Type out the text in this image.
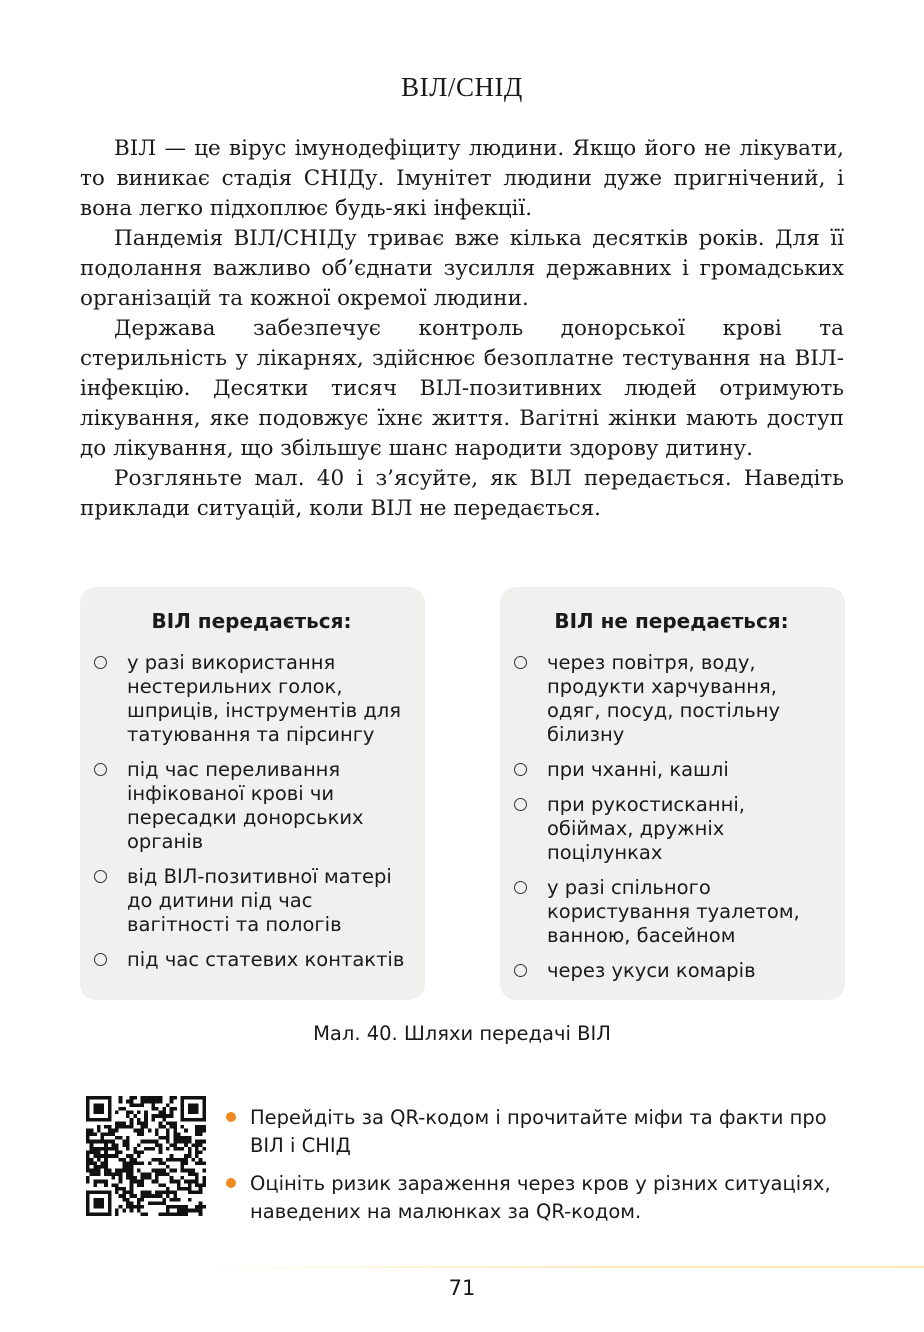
ВІЛ/СНІД

ВІЛ — це вірус імунодефіциту людини. Якщо його не лікувати, то виникає стадія СНІДу. Імунітет людини дуже пригнічений, і вона легко підхоплює будь-які інфекції.

Пандемія ВІЛ/СНІДу триває вже кілька десятків років. Для її подолання важливо об’єднати зусилля державних і громадських організацій та кожної окремої людини.

Держава забезпечує контроль донорської крові та стерильність у лікарнях, здійснює безоплатне тестування на ВІЛ-інфекцію. Десятки тисяч ВІЛ-позитивних людей отримують лікування, яке подовжує їхнє життя. Вагітні жінки мають доступ до лікування, що збільшує шанс народити здорову дитину.

Розгляньте мал. 40 і з’ясуйте, як ВІЛ передається. Наведіть приклади ситуацій, коли ВІЛ не передається.

ВІЛ передається:
у разі використання нестерильних голок, шприців, інструментів для татуювання та пірсингу
під час переливання інфікованої крові чи пересадки донорських органів
від ВІЛ-позитивної матері до дитини під час вагітності та пологів
під час статевих контактів
ВІЛ не передається:
через повітря, воду, продукти харчування, одяг, посуд, постільну білизну
при чханні, кашлі
при рукостисканні, обіймах, дружніх поцілунках
у разі спільного користування туалетом, ванною, басейном
через укуси комарів
Мал. 40. Шляхи передачі ВІЛ
Перейдіть за QR-кодом і прочитайте міфи та факти про ВІЛ і СНІД
Оцініть ризик зараження через кров у різних ситуаціях, наведених на малюнках за QR-кодом.
71
